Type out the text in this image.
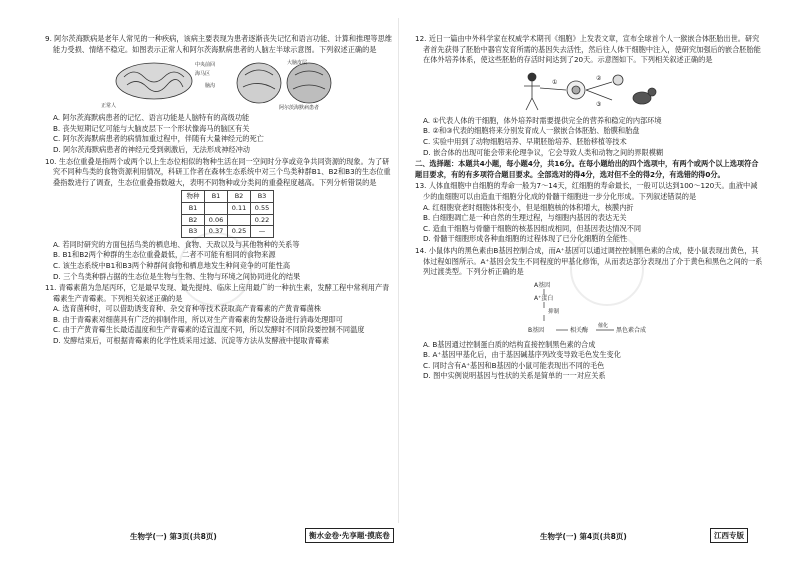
9. 阿尔茨海默病是老年人常见的一种疾病，该病主要表现为患者逐渐丧失记忆和语言功能、计算和推理等思维能力受损、情绪不稳定。如图表示正常人和阿尔茨海默病患者的人脑左半球示意图。下列叙述正确的是
中央前回	大脑皮层
海马区
脑沟
正常人	阿尔茨海默病患者
A. 阿尔茨海默病患者的记忆、语言功能是人脑特有的高级功能
B. 丧失短期记忆可能与大脑皮层下一个形状像海马的脑区有关
C. 阿尔茨海默病患者的病情加重过程中，伴随有大量神经元的死亡
D. 阿尔茨海默病患者的神经元受到刺激后，无法形成神经冲动
10. 生态位重叠是指两个或两个以上生态位相似的物种生活在同一空间时分享或竞争共同资源的现象。为了研究不同种鸟类的食物资源利用情况，科研工作者在森林生态系统中对三个鸟类种群B1、B2和B3的生态位重叠指数进行了调查，生态位重叠指数越大，表明不同物种或分类间的重叠程度越高。下列分析错误的是
物种	B1	B2	B3
B1		0.11	0.55
B2	0.06		0.22
B3	0.37	0.25	—
A. 若同时研究的方面包括鸟类的栖息地、食物、天敌以及与其他物种的关系等
B. B1和B2两个种群的生态位重叠最低，二者不可能有相同的食物来源
C. 该生态系统中B1和B3两个种群间食物和栖息地发生种间竞争的可能性高
D. 三个鸟类种群占据的生态位是生物与生物、生物与环境之间协同进化的结果
11. 青霉素菌为急尾丙环，它是最早发现、最先提纯、临床上应用最广的一种抗生素，发酵工程中常利用产青霉素生产青霉素。下列相关叙述正确的是
A. 选育菌种时，可以借助诱变育种、杂交育种等技术获取高产青霉素的产黄青霉菌株
B. 由于青霉素对细菌具有广泛的抑制作用，所以对生产青霉素的发酵设备进行消毒处理即可
C. 由于产黄青霉生长最适温度和生产青霉素的适宜温度不同，所以发酵时不同阶段要控制不同温度
D. 发酵结束后，可根据青霉素的化学性质采用过滤、沉淀等方法从发酵液中提取青霉素
生物学(一) 第3页(共8页)	衡水金卷·先享题·摸底卷
12. 近日一篇由中外科学家在权威学术期刊《细胞》上发表文章，宣布全球首个人一猴嵌合体胚胎出世。研究者首先获得了胚胎中器官发育所需的基因失去活性，然后往人体干细胞中注入，使研究加强后的嵌合胚胎能在体外培养体系，使这些胚胎的存活时间达到了20天。示意图如下。下列相关叙述正确的是
①
②
③
A. ①代表人体的干细胞，体外培养时需要提供完全的营养和稳定的内部环境
B. ②和③代表的细胞将来分别发育成人一猴嵌合体胚胎、胎膜和胎盘
C. 实验中用到了动物细胞培养、早期胚胎培养、胚胎移植等技术
D. 嵌合体的出现可能会带来伦理争议，它会导致人类和动物之间的界限模糊
二、选择题：本题共4小题，每小题4分，共16分。在每小题给出的四个选项中，有两个或两个以上选项符合题目要求，有的有多项符合题目要求。全部选对的得4分，选对但不全的得2分，有选错的得0分。
13. 人体血细胞中自细胞的寿命一般为7～14天，红细胞的寿命最长，一般可以达到100～120天。血液中减少的血细胞可以由造血干细胞分化成的骨髓干细胞进一步分化形成。下列叙述错误的是
A. 红细胞衰老时细胞体积变小，但是细胞核的体积增大，核膜内折
B. 白细胞凋亡是一种自然的生理过程，与细胞内基因的表达无关
C. 造血干细胞与骨髓干细胞的核基因组成相同，但基因表达情况不同
D. 骨髓干细胞形成各种血细胞的过程体现了已分化细胞的全能性
14. 小鼠体内的黑色素由B基因控制合成，而A⁺基因可以通过调控控制黑色素的合成，使小鼠表现出黄色，其体过程如图所示。A⁺基因会发生不同程度的甲基化修饰，从而表达部分表现出了介于黄色和黑色之间的一系列过渡类型。下列分析正确的是
A基因
A⁺蛋白
抑制
B基因	相关酶
催化
黑色素合成
A. B基因通过控制蛋白质的结构直接控制黑色素的合成
B. A⁺基因甲基化后，由于基因碱基序列改变导致毛色发生变化
C. 同时含有A⁺基因和B基因的小鼠可能表现出不同的毛色
D. 图中实例说明基因与性状的关系是简单的一一对应关系
生物学(一) 第4页(共8页)	江西专版
